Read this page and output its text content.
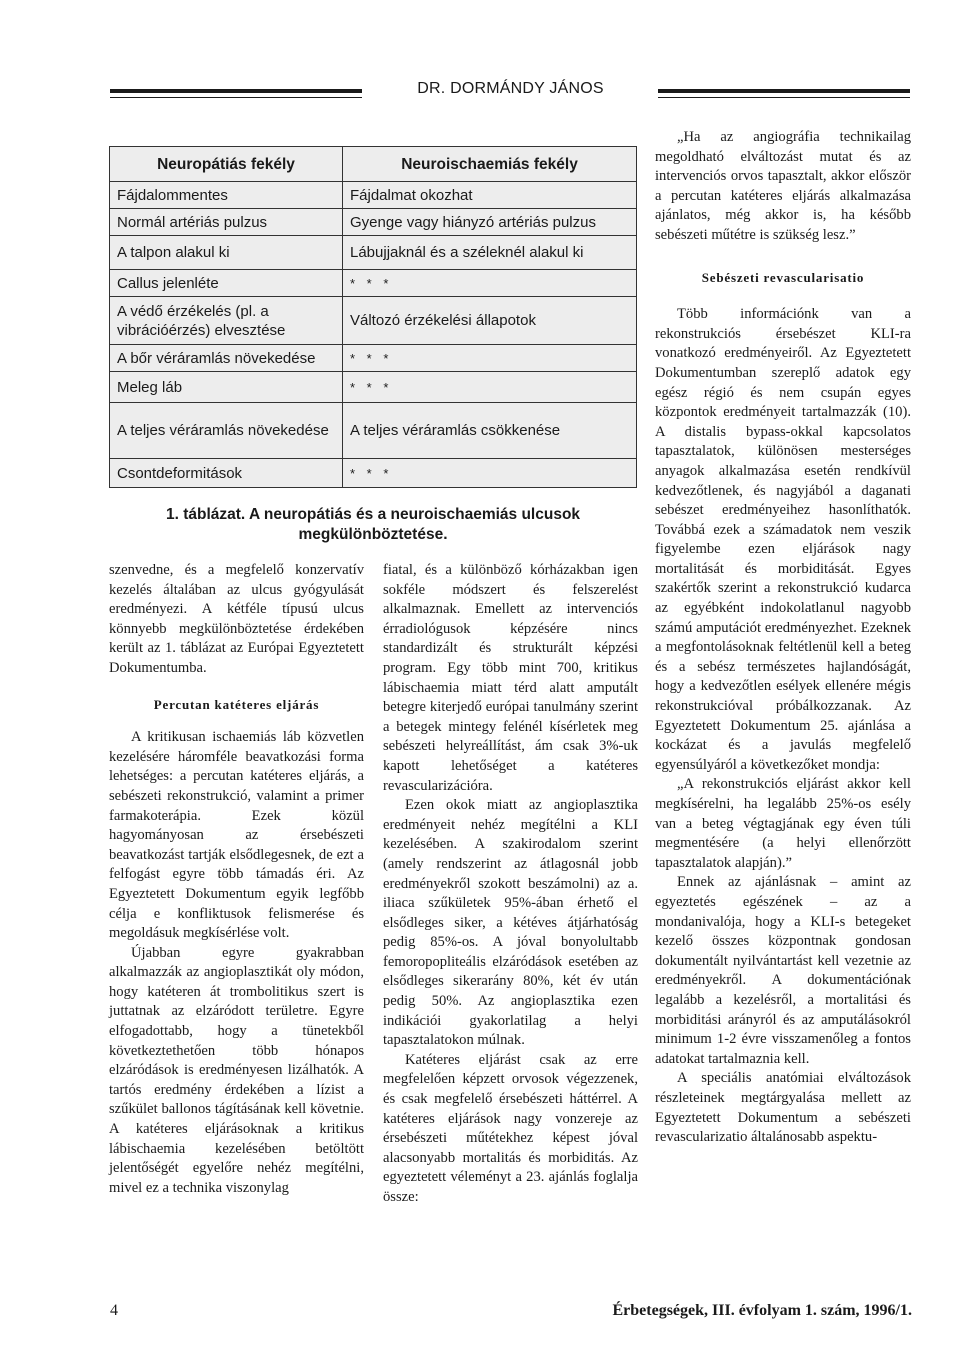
DR. DORMÁNDY JÁNOS
Neuropátiás fekély	Neuroischaemiás fekély
Fájdalommentes	Fájdalmat okozhat
Normál artériás pulzus	Gyenge vagy hiányzó artériás pulzus
A talpon alakul ki	Lábujjaknál és a széleknél alakul ki
Callus jelenléte	* * *
A védő érzékelés (pl. a vibrációérzés) elvesztése	Változó érzékelési állapotok
A bőr véráramlás növekedése	* * *
Meleg láb	* * *
A teljes véráramlás növekedése	A teljes véráramlás csökkenése
Csontdeformitások	* * *
1. táblázat. A neuropátiás és a neuroischaemiás ulcusok megkülönböztetése.

szenvedne, és a megfelelő konzervatív kezelés általában az ulcus gyógyulását eredményezi. A kétféle típusú ulcus könnyebb megkülönböztetése érdekében került az 1. táblázat az Európai Egyeztetett Dokumentumba.

Percutan katéteres eljárás

A kritikusan ischaemiás láb közvetlen kezelésére háromféle beavatkozási forma lehetséges: a percutan katéteres eljárás, a sebészeti rekonstrukció, valamint a primer farmakoterápia. Ezek közül hagyományosan az érsebészeti beavatkozást tartják elsődlegesnek, de ezt a felfogást egyre több támadás éri. Az Egyeztetett Dokumentum egyik legfőbb célja e konfliktusok felismerése és megoldásuk megkísérlése volt.

Újabban egyre gyakrabban alkalmazzák az angioplasztikát oly módon, hogy katéteren át trombolitikus szert is juttatnak az elzáródott területre. Egyre elfogadottabb, hogy a tünetekből következtethetően több hónapos elzáródások is eredményesen lizálhatók. A tartós eredmény érdekében a lízist a szűkület ballonos tágításának kell követnie. A katéteres eljárásoknak a kritikus lábischaemia kezelésében betöltött jelentőségét egyelőre nehéz megítélni, mivel ez a technika viszonylag

fiatal, és a különböző kórházakban igen sokféle módszert és felszerelést alkalmaznak. Emellett az intervenciós érradiológusok képzésére nincs standardizált és strukturált képzési program. Egy több mint 700, kritikus lábischaemia miatt térd alatt amputált betegre kiterjedő európai tanulmány szerint a betegek mintegy felénél kísérletek meg sebészeti helyreállítást, ám csak 3%-uk kapott lehetőséget a katéteres revascularizációra.

Ezen okok miatt az angioplasztika eredményeit nehéz megítélni a KLI kezelésében. A szakirodalom szerint (amely rendszerint az átlagosnál jobb eredményekről szokott beszámolni) az a. iliaca szűkületek 95%-ában érhető el elsődleges siker, a kétéves átjárhatóság pedig 85%-os. A jóval bonyolultabb femoropopliteális elzáródások esetében az elsődleges sikerarány 80%, két év után pedig 50%. Az angioplasztika ezen indikációi gyakorlatilag a helyi tapasztalatokon múlnak.

Katéteres eljárást csak az erre megfelelően képzett orvosok végezzenek, és csak megfelelő érsebészeti háttérrel. A katéteres eljárások nagy vonzereje az érsebészeti műtétekhez képest jóval alacsonyabb mortalitás és morbiditás. Az egyeztetett véleményt a 23. ajánlás foglalja össze:

„Ha az angiográfia technikailag megoldható elváltozást mutat és az intervenciós orvos tapasztalt, akkor először a percutan katéteres eljárás alkalmazása ajánlatos, még akkor is, ha később sebészeti műtétre is szükség lesz.”

Sebészeti revascularisatio

Több információnk van a rekonstrukciós érsebészet KLI-ra vonatkozó eredményeiről. Az Egyeztetett Dokumentumban szereplő adatok egy egész régió és nem csupán egyes központok eredményeit tartalmazzák (10). A distalis bypass-okkal kapcsolatos tapasztalatok, különösen mesterséges anyagok alkalmazása esetén rendkívül kedvezőtlenek, és nagyjából a daganati sebészet eredményeihez hasonlíthatók. Továbbá ezek a számadatok nem veszik figyelembe ezen eljárások nagy mortalitását és morbiditását. Egyes szakértők szerint a rekonstrukció kudarca az egyébként indokolatlanul nagyobb számú amputációt eredményezhet. Ezeknek a megfontolásoknak feltétlenül kell a beteg és a sebész természetes hajlandóságát, hogy a kedvezőtlen esélyek ellenére mégis rekonstrukcióval próbálkozzanak. Az Egyeztetett Dokumentum 25. ajánlása a kockázat és a javulás megfelelő egyensúlyáról a következőket mondja:

„A rekonstrukciós eljárást akkor kell megkísérelni, ha legalább 25%-os esély van a beteg végtagjának egy éven túli megmentésére (a helyi ellenőrzött tapasztalatok alapján).”

Ennek az ajánlásnak – amint az egyeztetés egészének – az a mondanivalója, hogy a KLI-s betegeket kezelő összes központnak gondosan dokumentált nyilvántartást kell vezetnie az eredményekről. A dokumentációnak legalább a kezelésről, a mortalitási és morbiditási arányról és az amputálásokról minimum 1-2 évre visszamenőleg a fontos adatokat tartalmaznia kell.

A speciális anatómiai elváltozások részleteinek megtárgyalása mellett az Egyeztetett Dokumentum a sebészeti revascularizatio általánosabb aspektu-

4	Érbetegségek, III. évfolyam 1. szám, 1996/1.
